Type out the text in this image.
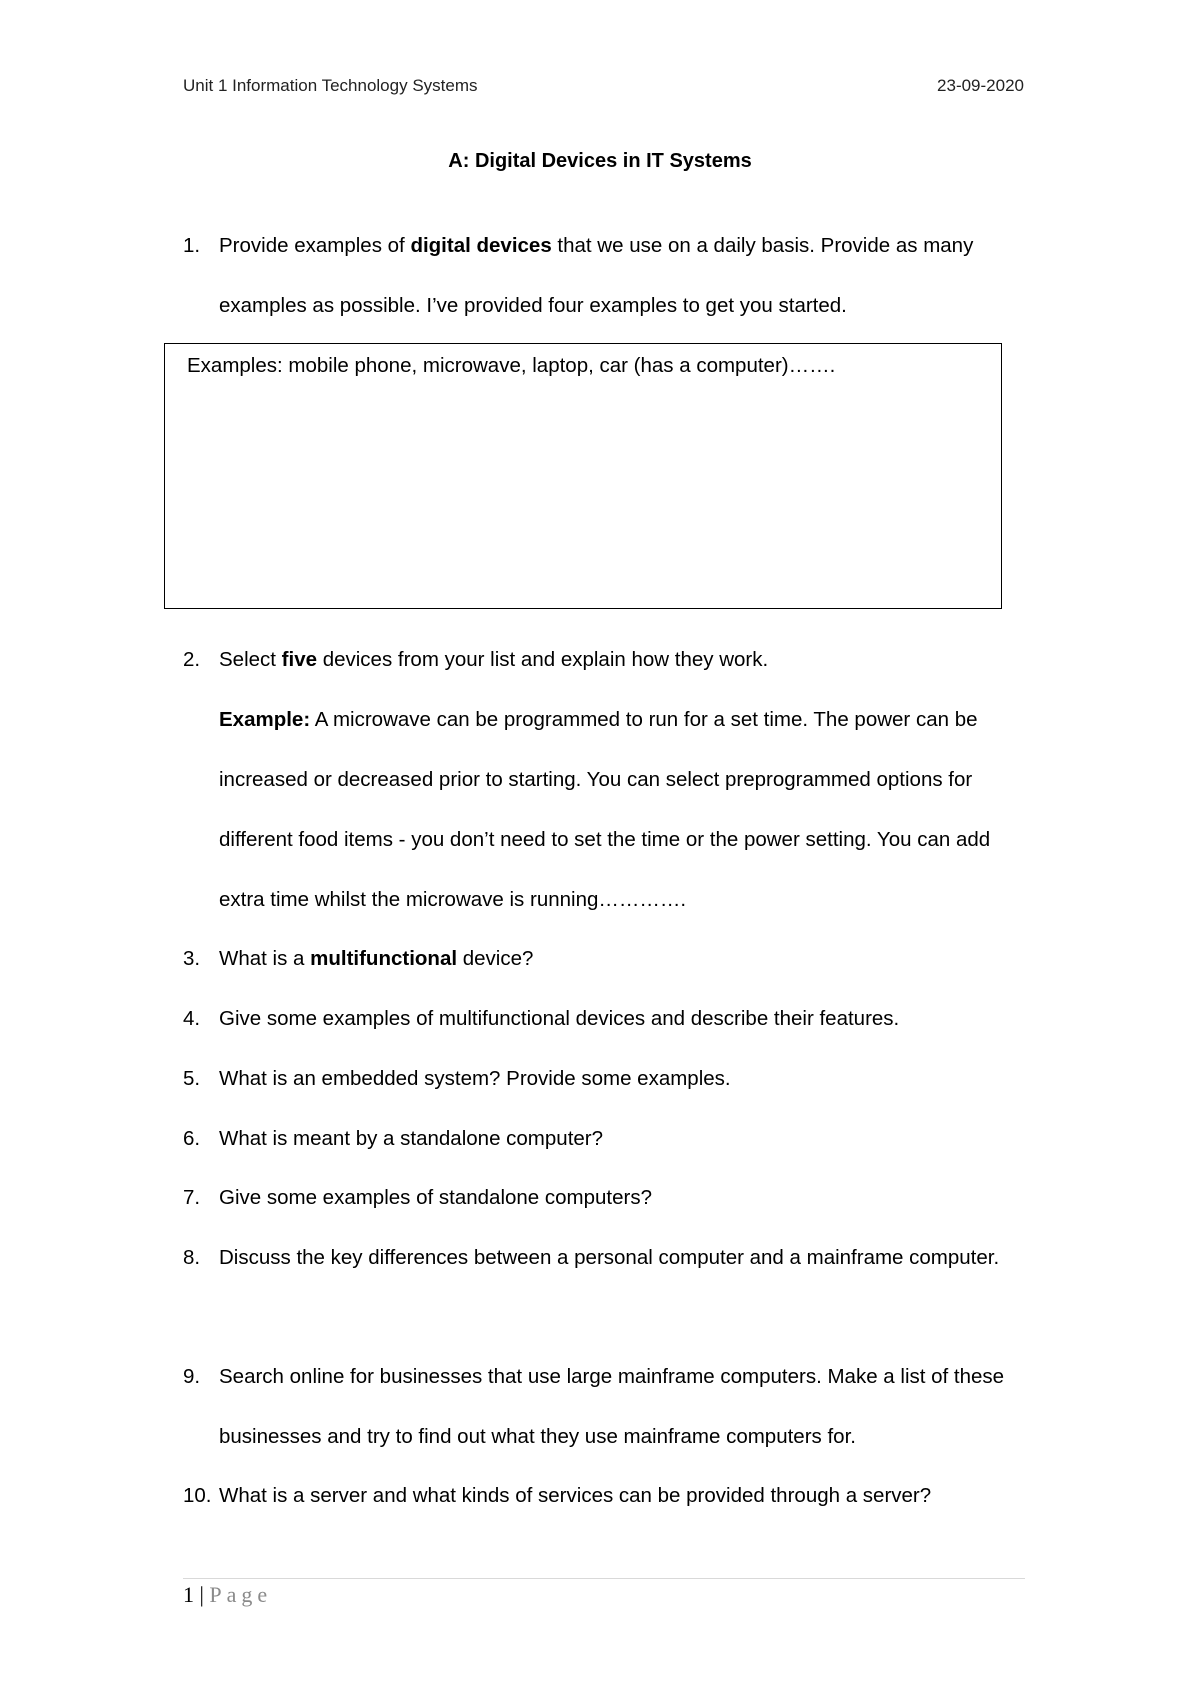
Unit 1 Information Technology Systems	23-09-2020
A: Digital Devices in IT Systems
1. Provide examples of digital devices that we use on a daily basis. Provide as many examples as possible. I’ve provided four examples to get you started.
Examples: mobile phone, microwave, laptop, car (has a computer)…….
2. Select five devices from your list and explain how they work.
Example: A microwave can be programmed to run for a set time. The power can be increased or decreased prior to starting. You can select preprogrammed options for different food items - you don’t need to set the time or the power setting. You can add extra time whilst the microwave is running………….
3. What is a multifunctional device?
4. Give some examples of multifunctional devices and describe their features.
5. What is an embedded system? Provide some examples.
6. What is meant by a standalone computer?
7. Give some examples of standalone computers?
8. Discuss the key differences between a personal computer and a mainframe computer.
9. Search online for businesses that use large mainframe computers. Make a list of these businesses and try to find out what they use mainframe computers for.
10. What is a server and what kinds of services can be provided through a server?
1 | Page
